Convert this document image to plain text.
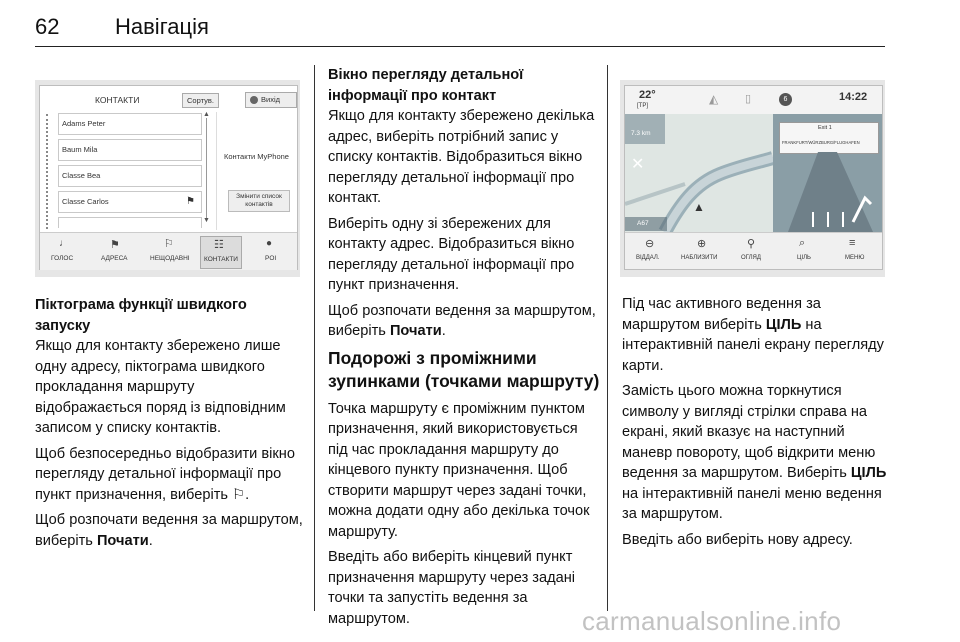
62	Навігація
КОНТАКТИ	Сортув.	Вихід
Adams Peter
Baum Mila
Classe Bea
Classe Carlos	⚑
▲
▼
Контакти MyPhone
Змінити список контактів
♩
ГОЛОС
⚑
АДРЕСА
⚐
НЕЩОДАВНІ
☷
КОНТАКТИ
●
POI
Піктограма функції швидкого запуску

Якщо для контакту збережено лише одну адресу, піктограма швидкого прокладання маршруту відображається поряд із відповідним записом у списку контактів.

Щоб безпосередньо відобразити вікно перегляду детальної інформації про пункт призначення, виберіть ⚐.

Щоб розпочати ведення за маршрутом, виберіть Почати.

Вікно перегляду детальної інформації про контакт

Якщо для контакту збережено декілька адрес, виберіть потрібний запис у списку контактів. Відобразиться вікно перегляду детальної інформації про контакт.

Виберіть одну зі збережених для контакту адрес. Відобразиться вікно перегляду детальної інформації про пункт призначення.

Щоб розпочати ведення за маршрутом, виберіть Почати.

Подорожі з проміжними зупинками (точками маршруту)

Точка маршруту є проміжним пунктом призначення, який використовується під час прокладання маршруту до кінцевого пункту призначення. Щоб створити маршрут через задані точки, можна додати одну або декілька точок маршруту.

Введіть або виберіть кінцевий пункт призначення маршруту через задані точки та запустіть ведення за маршрутом.

22°
[TP]	◭ ▯	6	14:22
7.3 km
✕
▲
A67
Exit 1
FRANKFURT/WÜRZBURG/FLUGHAFEN
⊖
ВІДДАЛ.
⊕
НАБЛИЗИТИ
⚲
ОГЛЯД
⌕
ЦІЛЬ
≡
МЕНЮ

Під час активного ведення за маршрутом виберіть ЦІЛЬ на інтерактивній панелі екрану перегляду карти.

Замість цього можна торкнутися символу у вигляді стрілки справа на екрані, який вказує на наступний маневр повороту, щоб відкрити меню ведення за маршрутом. Виберіть ЦІЛЬ на інтерактивній панелі меню ведення за маршрутом.

Введіть або виберіть нову адресу.

carmanualsonline.info
